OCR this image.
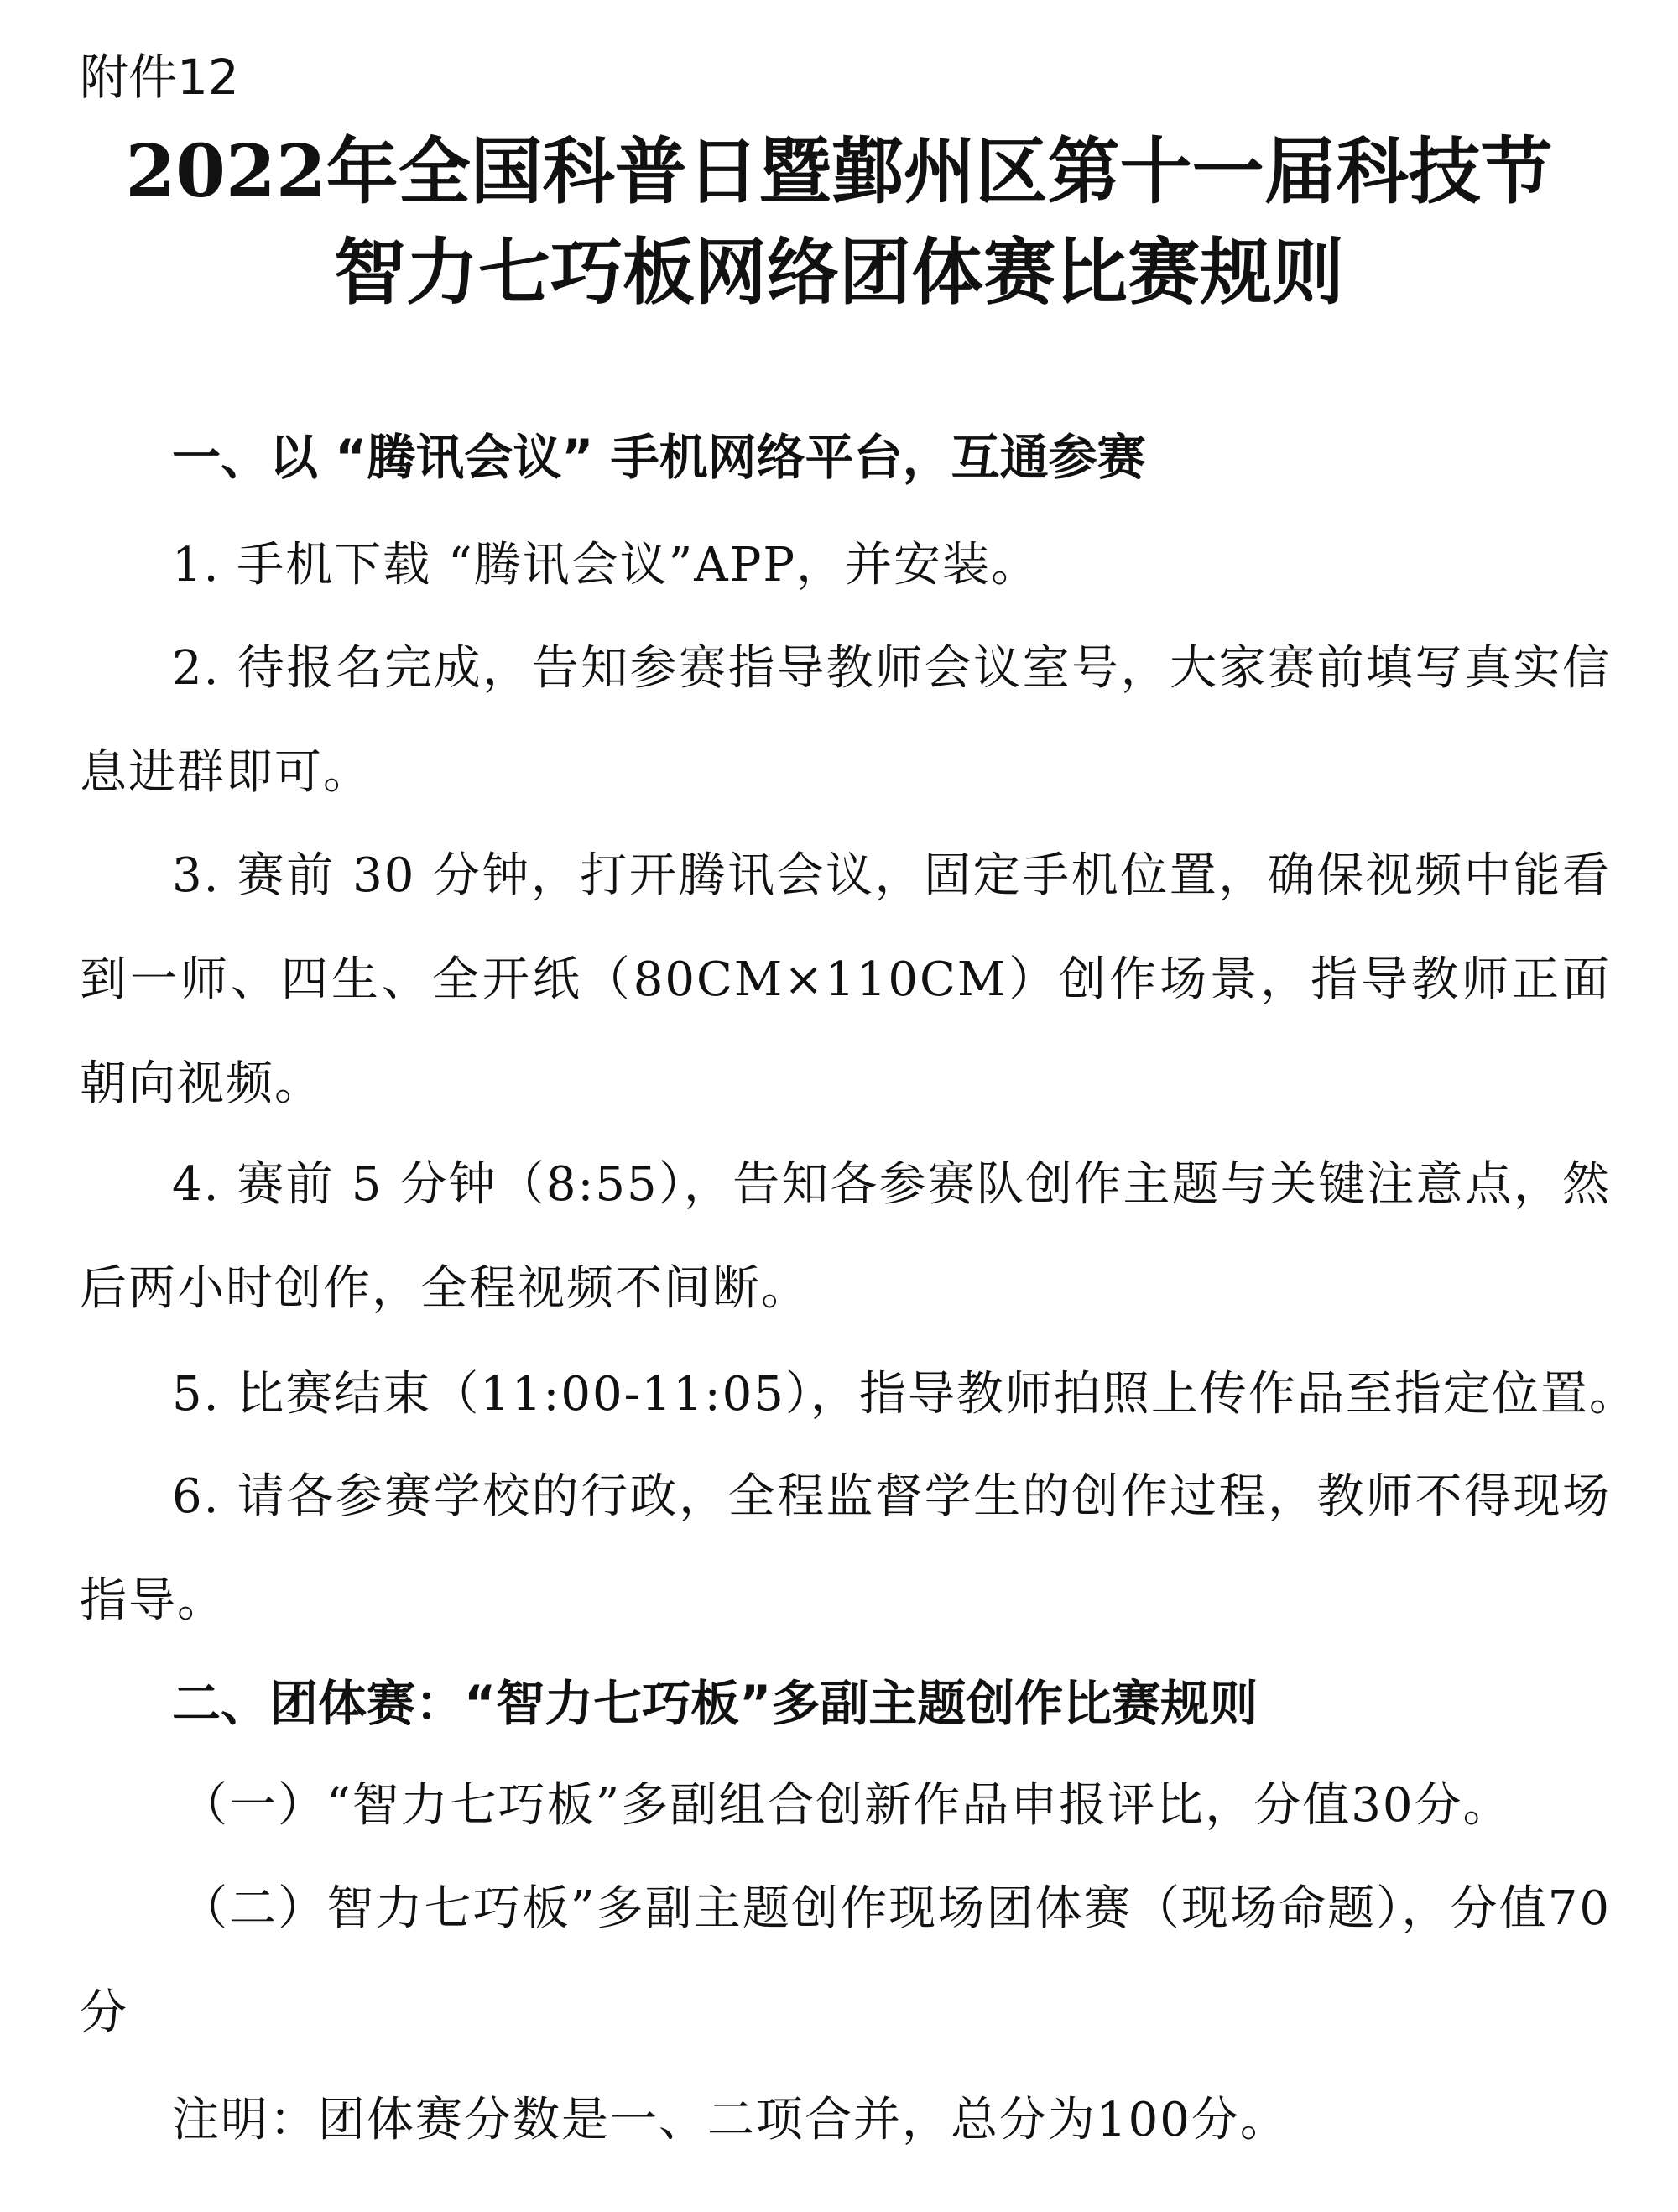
附件12

2022年全国科普日暨鄞州区第十一届科技节
智力七巧板网络团体赛比赛规则
一、以 “腾讯会议” 手机网络平台，互通参赛

1. 手机下载 “腾讯会议”APP，并安装。

2. 待报名完成，告知参赛指导教师会议室号，大家赛前填写真实信息进群即可。

3. 赛前 30 分钟，打开腾讯会议，固定手机位置，确保视频中能看到一师、四生、全开纸（80CM×110CM）创作场景，指导教师正面朝向视频。

4. 赛前 5 分钟（8:55），告知各参赛队创作主题与关键注意点，然后两小时创作，全程视频不间断。

5. 比赛结束（11:00-11:05），指导教师拍照上传作品至指定位置。

6. 请各参赛学校的行政，全程监督学生的创作过程，教师不得现场指导。

二、团体赛：“智力七巧板”多副主题创作比赛规则

（一）“智力七巧板”多副组合创新作品申报评比，分值30分。

（二）智力七巧板”多副主题创作现场团体赛（现场命题），分值70分

注明：团体赛分数是一、二项合并，总分为100分。
